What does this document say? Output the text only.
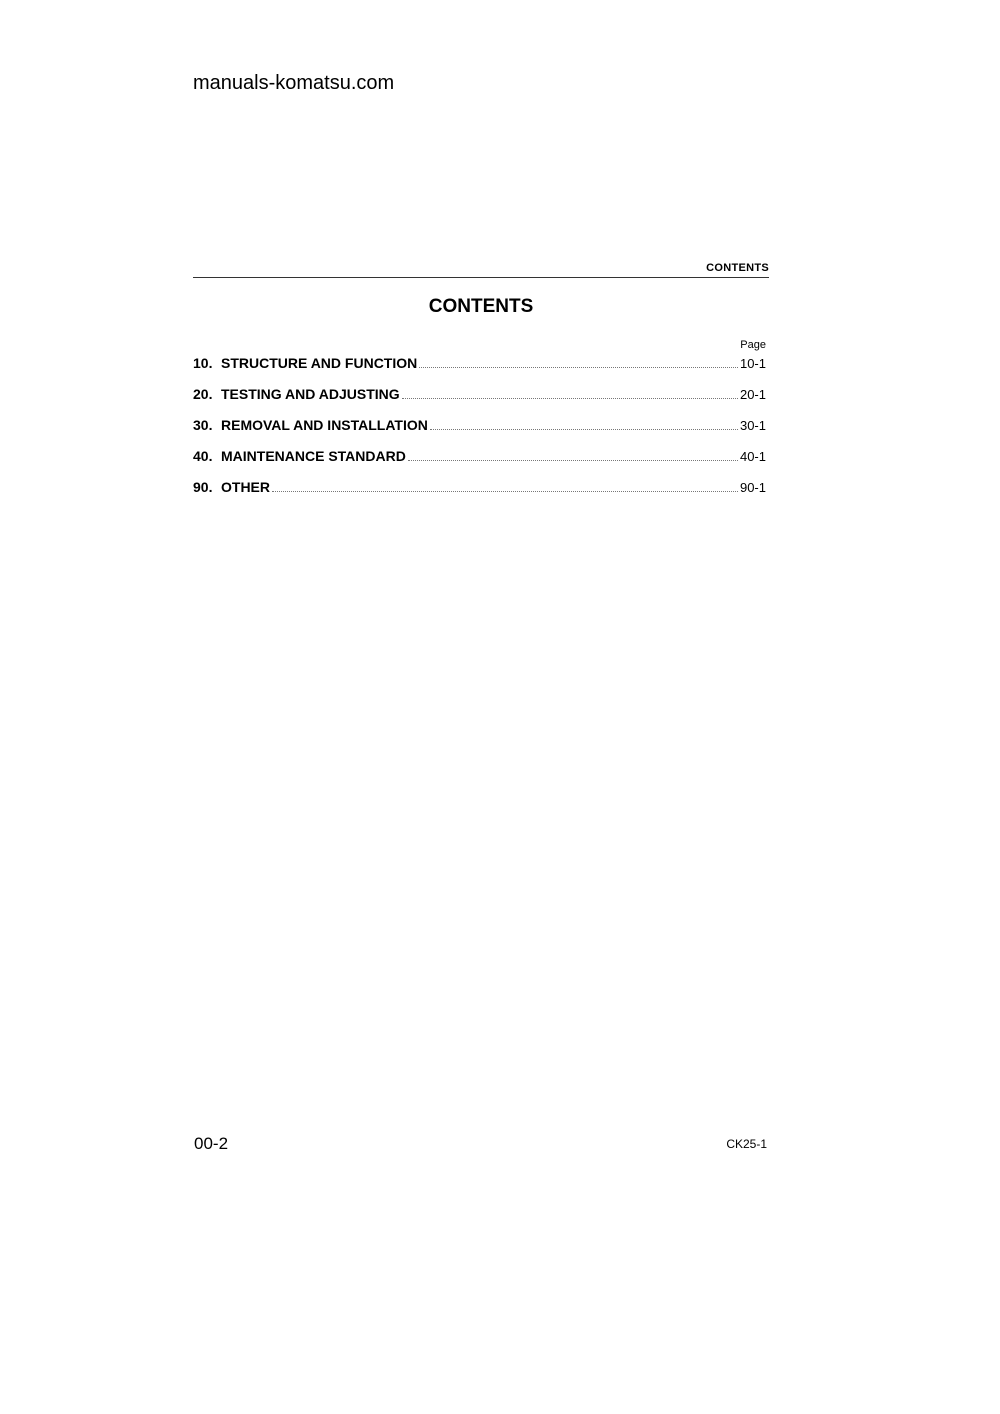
manuals-komatsu.com
CONTENTS
CONTENTS
Page
10. STRUCTURE AND FUNCTION	10-1
20. TESTING AND ADJUSTING	20-1
30. REMOVAL AND INSTALLATION	30-1
40. MAINTENANCE STANDARD	40-1
90. OTHER	90-1
00-2	CK25-1
